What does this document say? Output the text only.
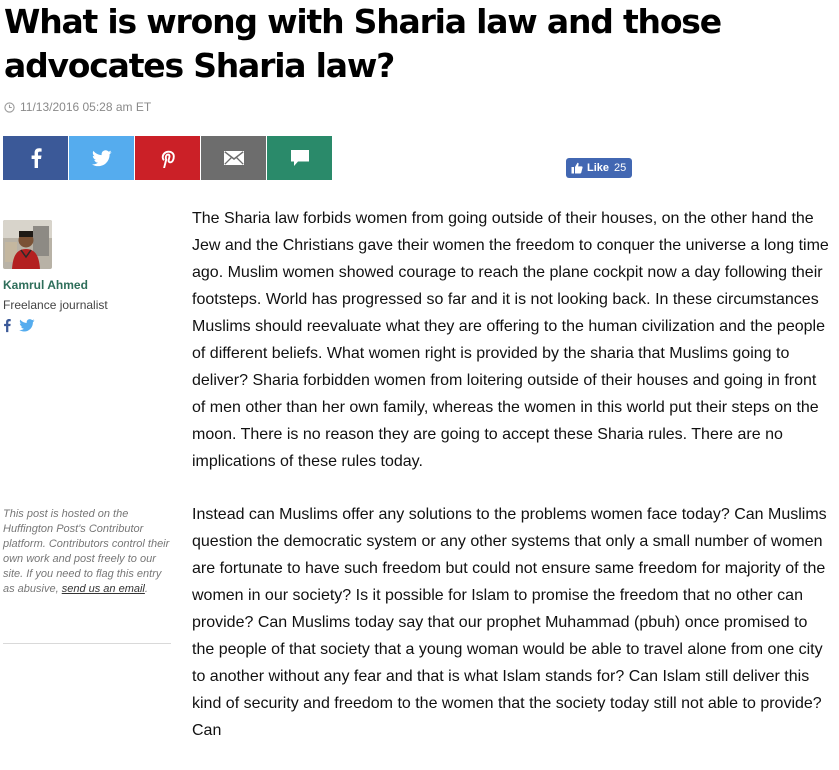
What is wrong with Sharia law and those advocates Sharia law?
11/13/2016 05:28 am ET
Like 25
Kamrul Ahmed
Freelance journalist
This post is hosted on the Huffington Post's Contributor platform. Contributors control their own work and post freely to our site. If you need to flag this entry as abusive, send us an email.

The Sharia law forbids women from going outside of their houses, on the other hand the Jew and the Christians gave their women the freedom to conquer the universe a long time ago. Muslim women showed courage to reach the plane cockpit now a day following their footsteps. World has progressed so far and it is not looking back. In these circumstances Muslims should reevaluate what they are offering to the human civilization and the people of different beliefs. What women right is provided by the sharia that Muslims going to deliver? Sharia forbidden women from loitering outside of their houses and going in front of men other than her own family, whereas the women in this world put their steps on the moon. There is no reason they are going to accept these Sharia rules. There are no implications of these rules today.

Instead can Muslims offer any solutions to the problems women face today? Can Muslims question the democratic system or any other systems that only a small number of women are fortunate to have such freedom but could not ensure same freedom for majority of the women in our society? Is it possible for Islam to promise the freedom that no other can provide? Can Muslims today say that our prophet Muhammad (pbuh) once promised to the people of that society that a young woman would be able to travel alone from one city to another without any fear and that is what Islam stands for? Can Islam still deliver this kind of security and freedom to the women that the society today still not able to provide? Can
